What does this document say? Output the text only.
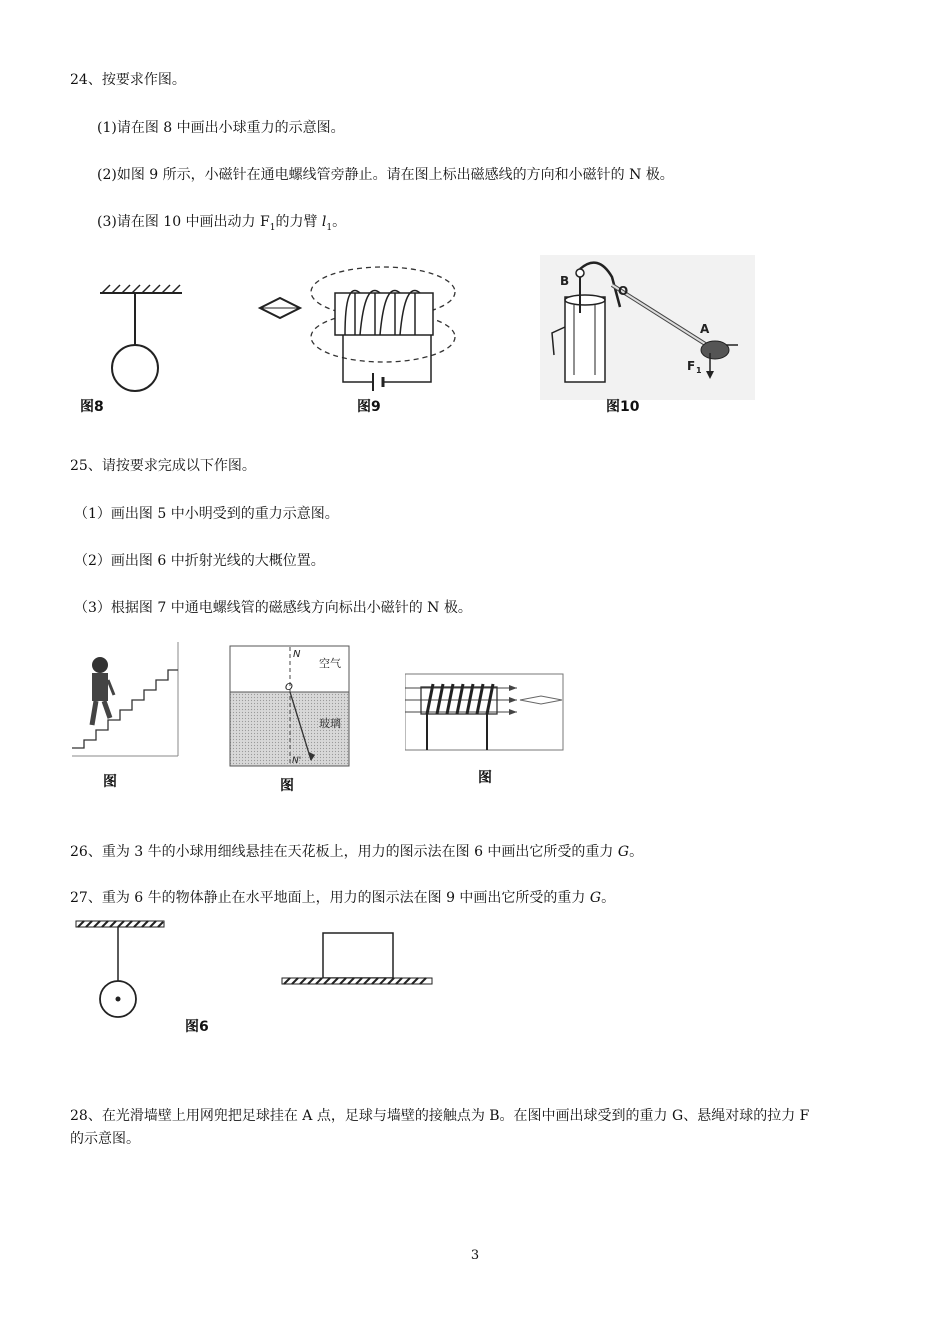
24、按要求作图。
(1)请在图 8 中画出小球重力的示意图。
(2)如图 9 所示，小磁针在通电螺线管旁静止。请在图上标出磁感线的方向和小磁针的 N 极。
(3)请在图 10 中画出动力 $F_1$的力臂 $l_1$。
图8	图9
B
O
A
F 1
图10
25、请按要求完成以下作图。
（1）画出图 5 中小明受到的重力示意图。
（2）画出图 6 中折射光线的大概位置。
（3）根据图 7 中通电螺线管的磁感线方向标出小磁针的 N 极。
图
N
空气
O
玻璃
N'
图	图
26、重为 3 牛的小球用细线悬挂在天花板上，用力的图示法在图 6 中画出它所受的重力 G。
27、重为 6 牛的物体静止在水平地面上，用力的图示法在图 9 中画出它所受的重力 G。
图6
28、在光滑墙壁上用网兜把足球挂在 A 点，足球与墙壁的接触点为 B。在图中画出球受到的重力 G、悬绳对球的拉力 F
的示意图。
3
